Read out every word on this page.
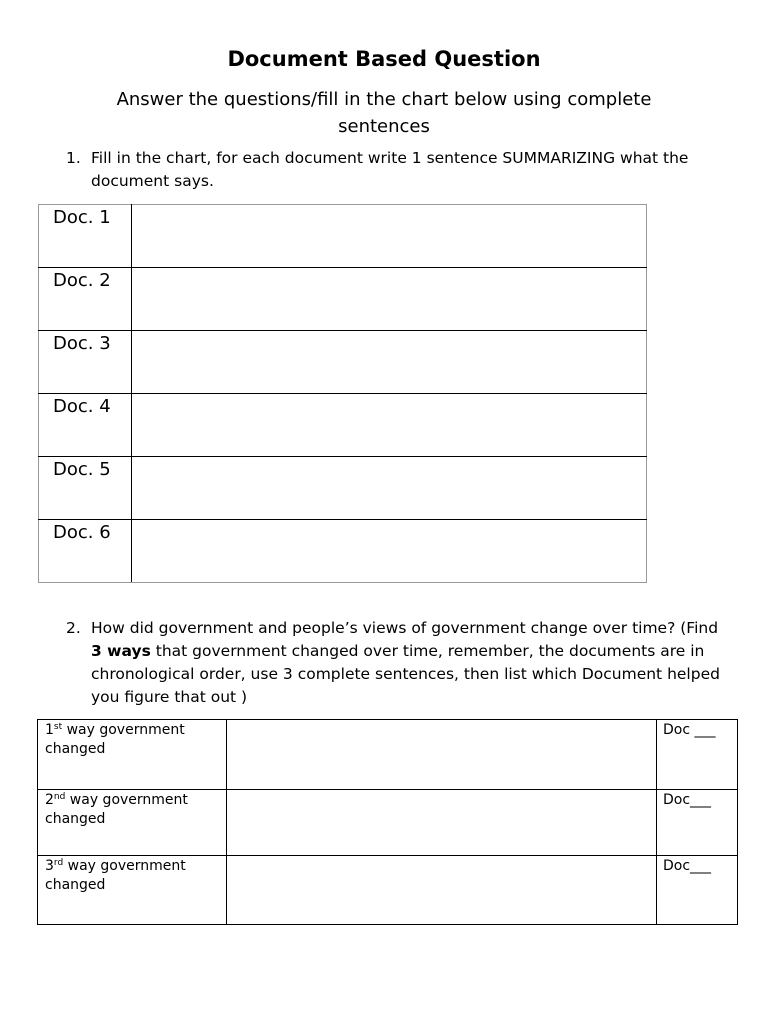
Document Based Question
Answer the questions/fill in the chart below using complete sentences
1. Fill in the chart, for each document write 1 sentence SUMMARIZING what the document says.
Doc. 1	
Doc. 2	
Doc. 3	
Doc. 4	
Doc. 5	
Doc. 6	
2. How did government and people’s views of government change over time? (Find 3 ways that government changed over time, remember, the documents are in chronological order, use 3 complete sentences, then list which Document helped you figure that out )
1st way government changed		Doc ___
2nd way government changed		Doc___
3rd way government changed		Doc___
